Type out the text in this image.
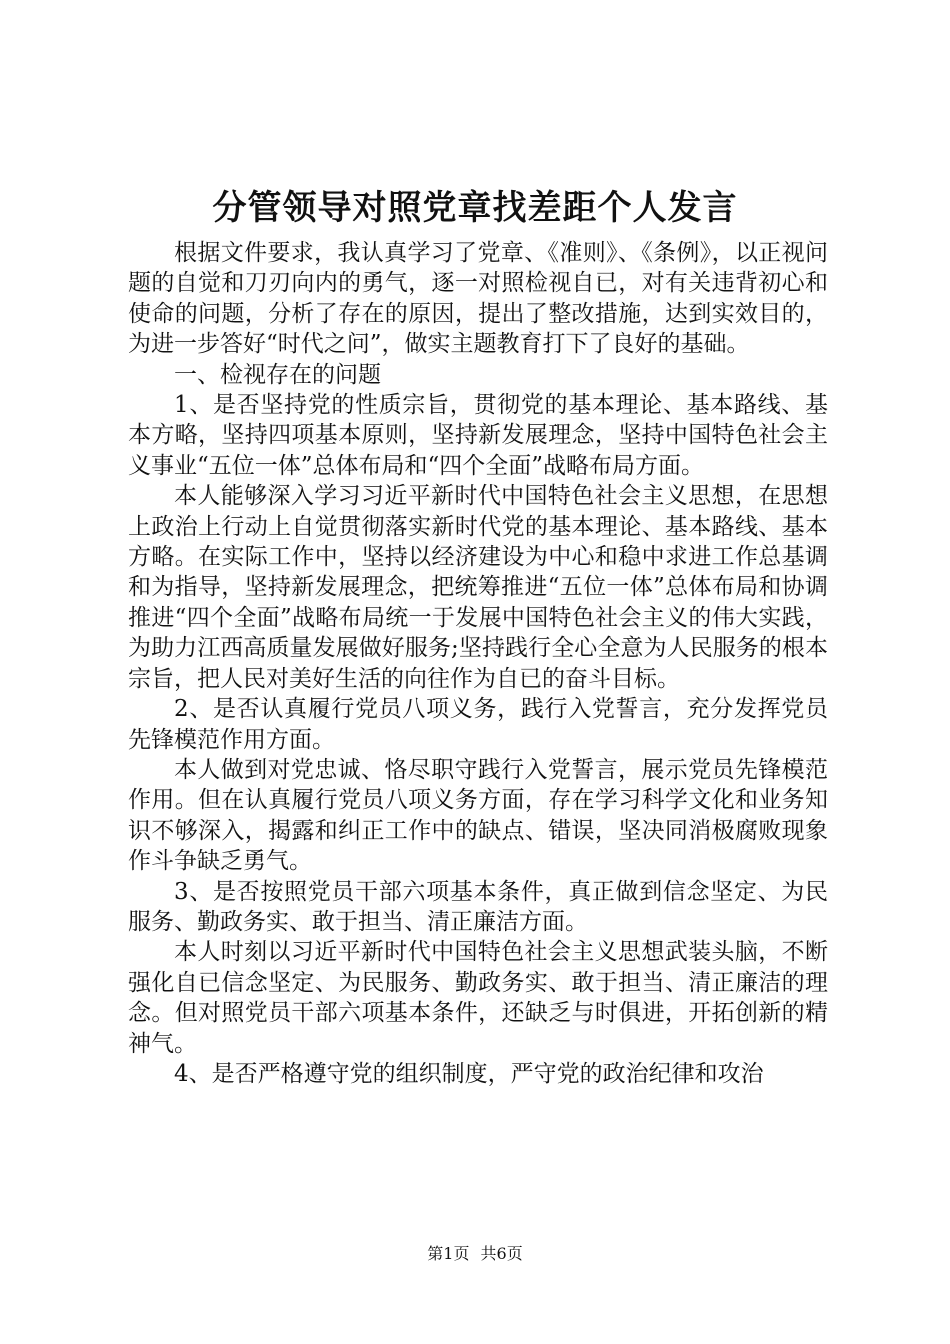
分管领导对照党章找差距个人发言

根据文件要求，我认真学习了党章、《准则》、《条例》，以正视问题的自觉和刀刃向内的勇气，逐一对照检视自已，对有关违背初心和使命的问题，分析了存在的原因，提出了整改措施，达到实效目的，为进一步答好“时代之问”，做实主题教育打下了良好的基础。

一、检视存在的问题

1、是否坚持党的性质宗旨，贯彻党的基本理论、基本路线、基本方略，坚持四项基本原则，坚持新发展理念，坚持中国特色社会主义事业“五位一体”总体布局和“四个全面”战略布局方面。

本人能够深入学习习近平新时代中国特色社会主义思想，在思想上政治上行动上自觉贯彻落实新时代党的基本理论、基本路线、基本方略。在实际工作中，坚持以经济建设为中心和稳中求进工作总基调和为指导，坚持新发展理念，把统筹推进“五位一体”总体布局和协调推进“四个全面”战略布局统一于发展中国特色社会主义的伟大实践，为助力江西高质量发展做好服务;坚持践行全心全意为人民服务的根本宗旨，把人民对美好生活的向往作为自已的奋斗目标。

2、是否认真履行党员八项义务，践行入党誓言，充分发挥党员先锋模范作用方面。

本人做到对党忠诚、恪尽职守践行入党誓言，展示党员先锋模范作用。但在认真履行党员八项义务方面，存在学习科学文化和业务知识不够深入，揭露和纠正工作中的缺点、错误，坚决同消极腐败现象作斗争缺乏勇气。

3、是否按照党员干部六项基本条件，真正做到信念坚定、为民服务、勤政务实、敢于担当、清正廉洁方面。

本人时刻以习近平新时代中国特色社会主义思想武装头脑，不断强化自已信念坚定、为民服务、勤政务实、敢于担当、清正廉洁的理念。但对照党员干部六项基本条件，还缺乏与时俱进，开拓创新的精神气。

4、是否严格遵守党的组织制度，严守党的政治纪律和攻治

第1页 共6页
